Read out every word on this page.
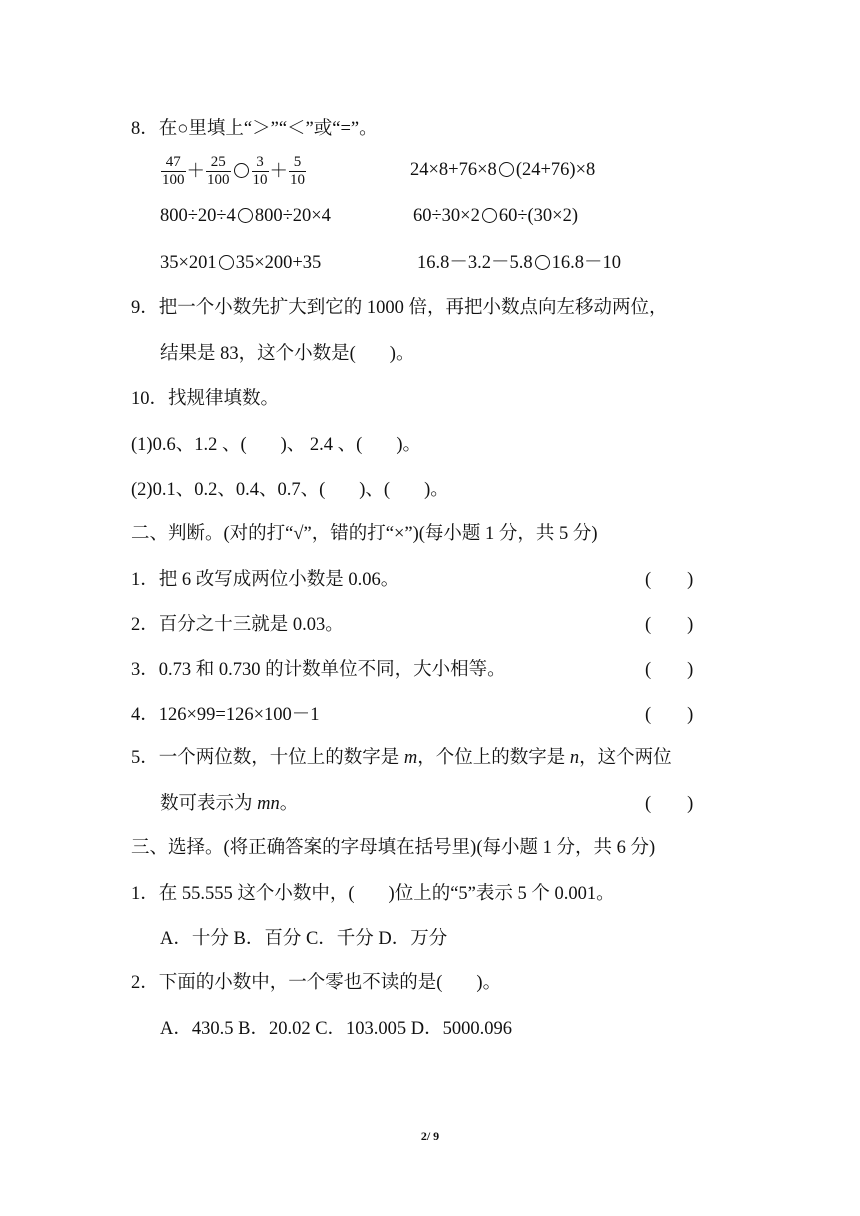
8．在○里填上“＞”“＜”或“=”。
$\frac{47}{100} + \frac{25}{100} \frac{3}{10} + \frac{5}{10}$	24×8+76×8 (24+76)×8
800÷20÷4 800÷20×4	60÷30×2 60÷(30×2)
35×201 35×200+35	16.8－3.2－5.8 16.8－10
9．把一个小数先扩大到它的 1000 倍，再把小数点向左移动两位，
结果是 83，这个小数是( )。
10．找规律填数。
(1)0.6、1.2 、( )、 2.4 、( )。
(2)0.1、0.2、0.4、0.7、( )、( )。
二、判断。(对的打“√”，错的打“×”)(每小题 1 分，共 5 分)
1．把 6 改写成两位小数是 0.06。	( )
2．百分之十三就是 0.03。	( )
3．0.73 和 0.730 的计数单位不同，大小相等。	( )
4．126×99=126×100－1	( )
5．一个两位数，十位上的数字是 m，个位上的数字是 n，这个两位
数可表示为 mn。	( )
三、选择。(将正确答案的字母填在括号里)(每小题 1 分，共 6 分)
1．在 55.555 这个小数中，( )位上的“5”表示 5 个 0.001。
A．十分 B．百分 C．千分 D．万分
2．下面的小数中，一个零也不读的是( )。
A．430.5 B．20.02 C．103.005 D．5000.096
2/ 9
